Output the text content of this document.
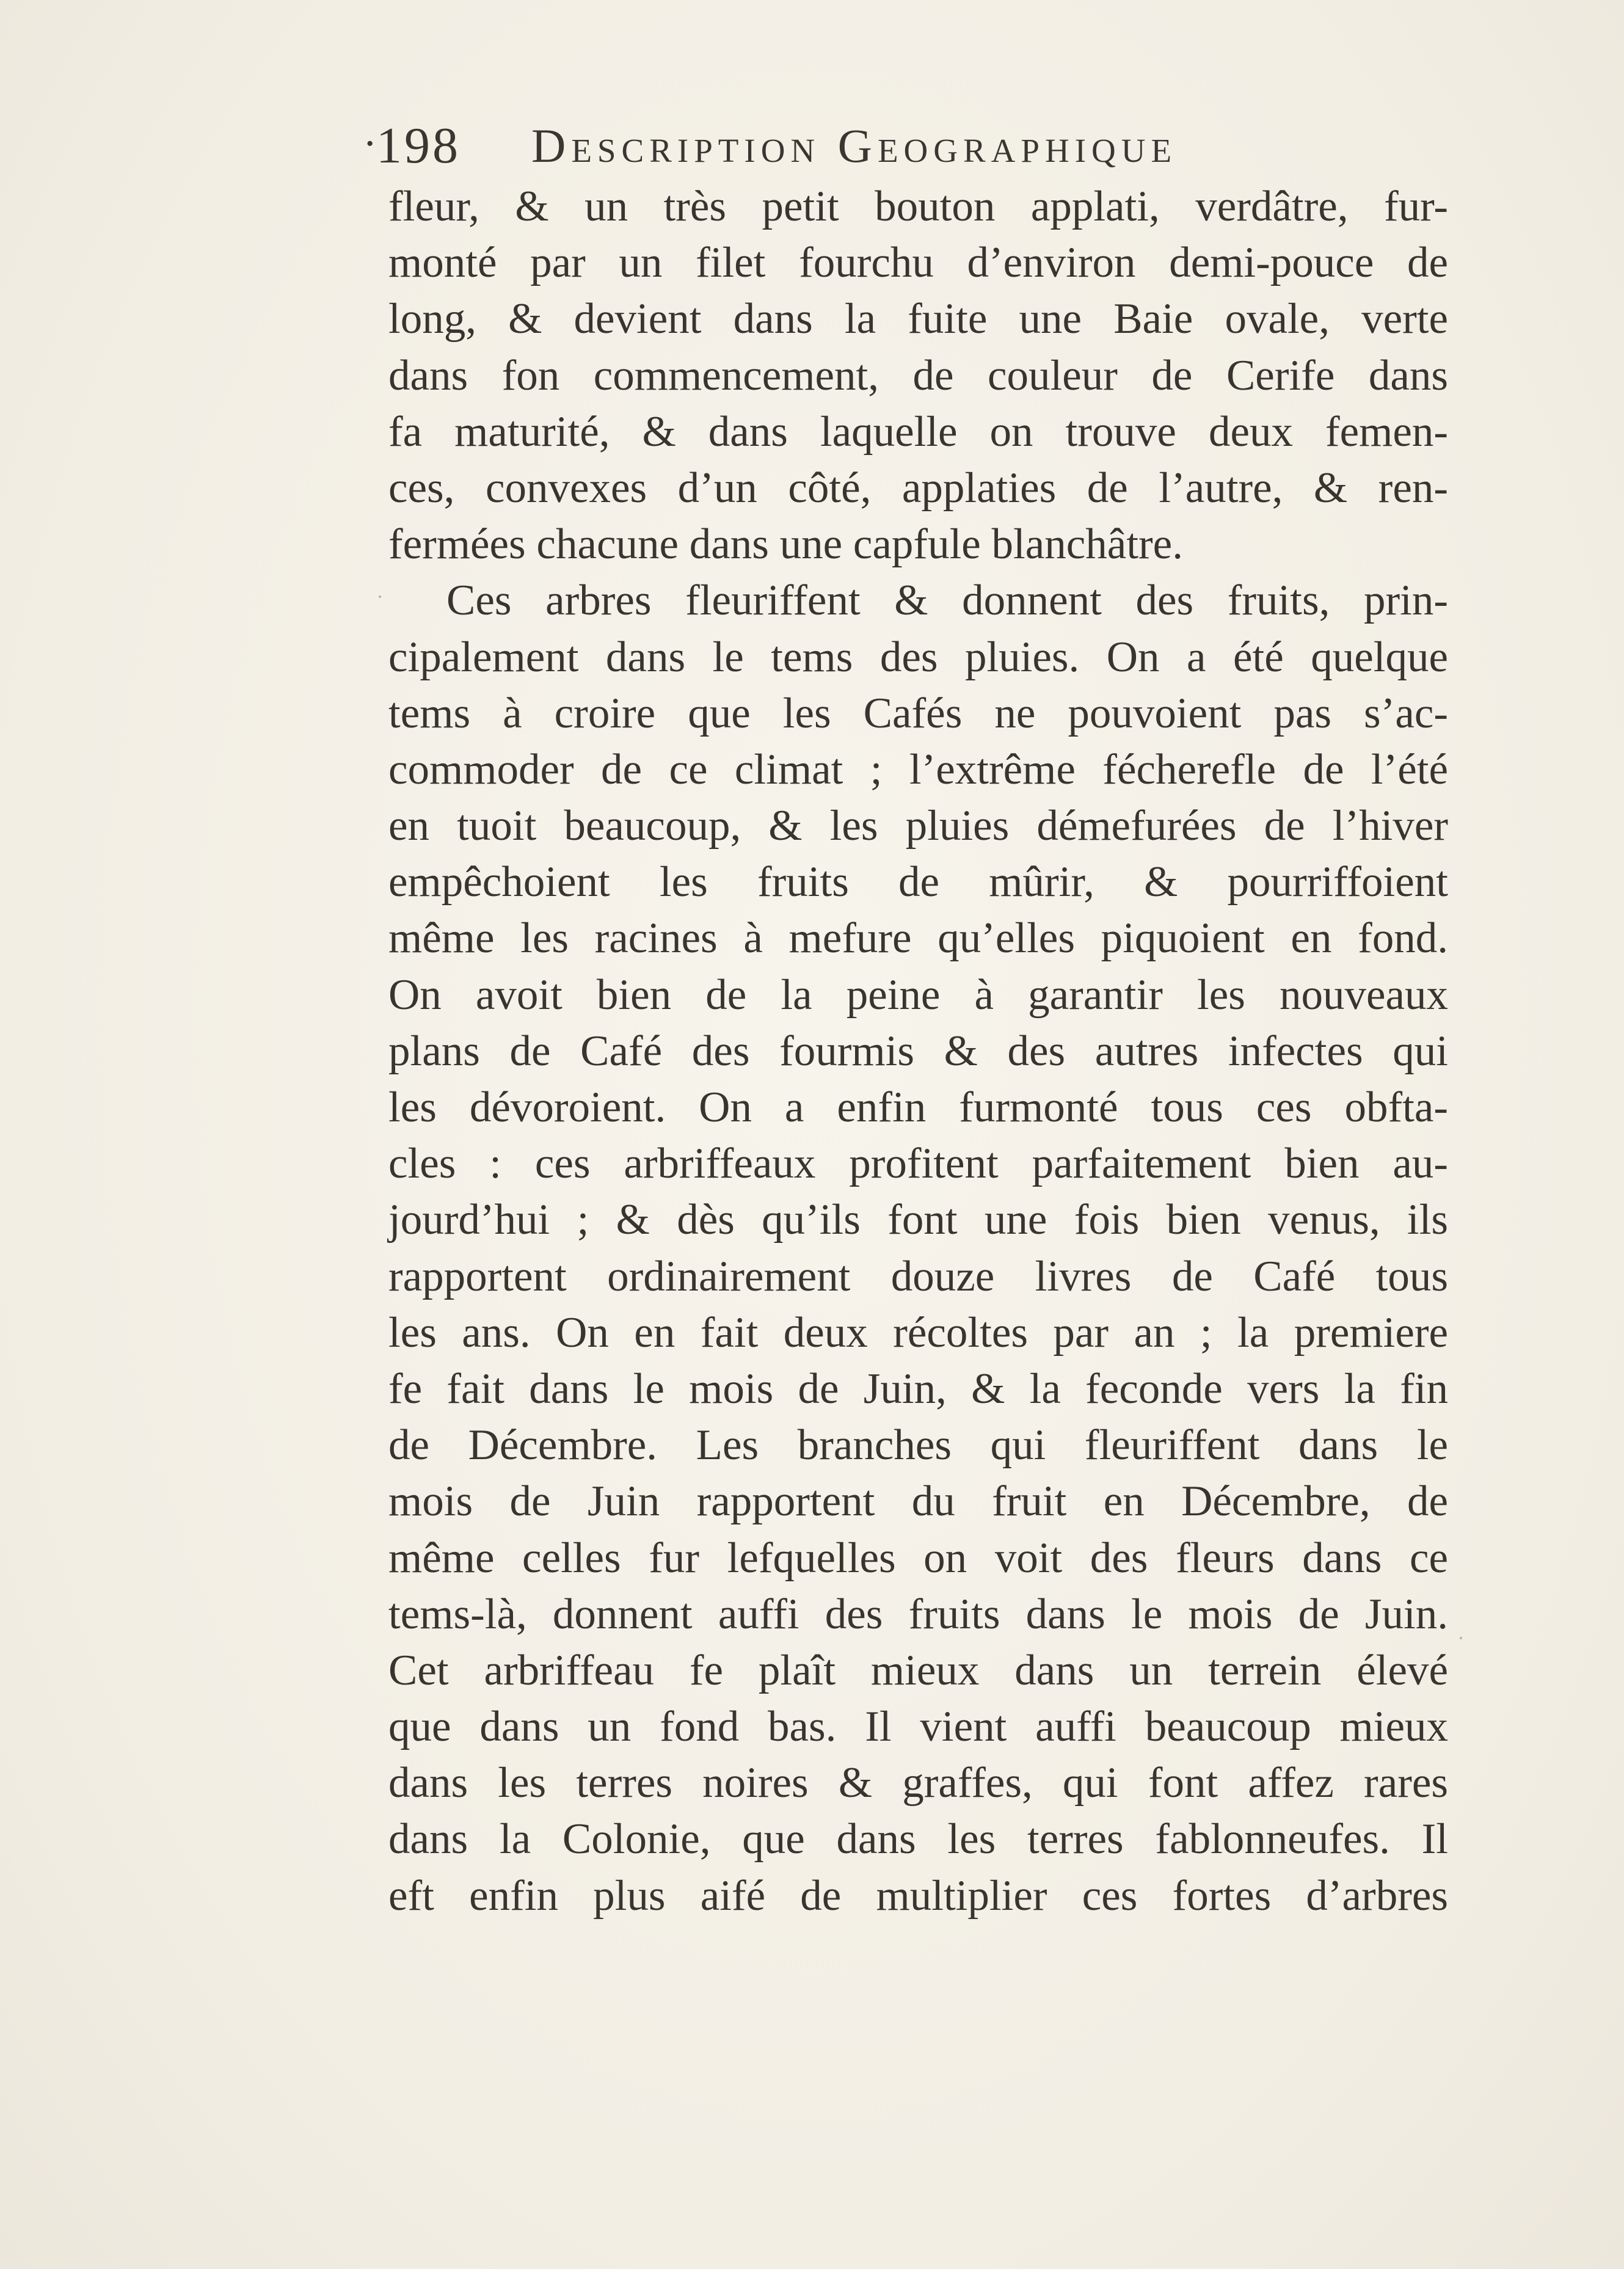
· 198 Description Geographique
fleur, & un très petit bouton applati, verdâtre, fur-
monté par un filet fourchu d’environ demi-pouce de
long, & devient dans la fuite une Baie ovale, verte
dans fon commencement, de couleur de Cerife dans
fa maturité, & dans laquelle on trouve deux femen-
ces, convexes d’un côté, applaties de l’autre, & ren-
fermées chacune dans une capfule blanchâtre.
Ces arbres fleuriffent & donnent des fruits, prin-
cipalement dans le tems des pluies. On a été quelque
tems à croire que les Cafés ne pouvoient pas s’ac-
commoder de ce climat ; l’extrême fécherefle de l’été
en tuoit beaucoup, & les pluies démefurées de l’hiver
empêchoient les fruits de mûrir, & pourriffoient
même les racines à mefure qu’elles piquoient en fond.
On avoit bien de la peine à garantir les nouveaux
plans de Café des fourmis & des autres infectes qui
les dévoroient. On a enfin furmonté tous ces obfta-
cles : ces arbriffeaux profitent parfaitement bien au-
jourd’hui ; & dès qu’ils font une fois bien venus, ils
rapportent ordinairement douze livres de Café tous
les ans. On en fait deux récoltes par an ; la premiere
fe fait dans le mois de Juin, & la feconde vers la fin
de Décembre. Les branches qui fleuriffent dans le
mois de Juin rapportent du fruit en Décembre, de
même celles fur lefquelles on voit des fleurs dans ce
tems-là, donnent auffi des fruits dans le mois de Juin.
Cet arbriffeau fe plaît mieux dans un terrein élevé
que dans un fond bas. Il vient auffi beaucoup mieux
dans les terres noires & graffes, qui font affez rares
dans la Colonie, que dans les terres fablonneufes. Il
eft enfin plus aifé de multiplier ces fortes d’arbres
